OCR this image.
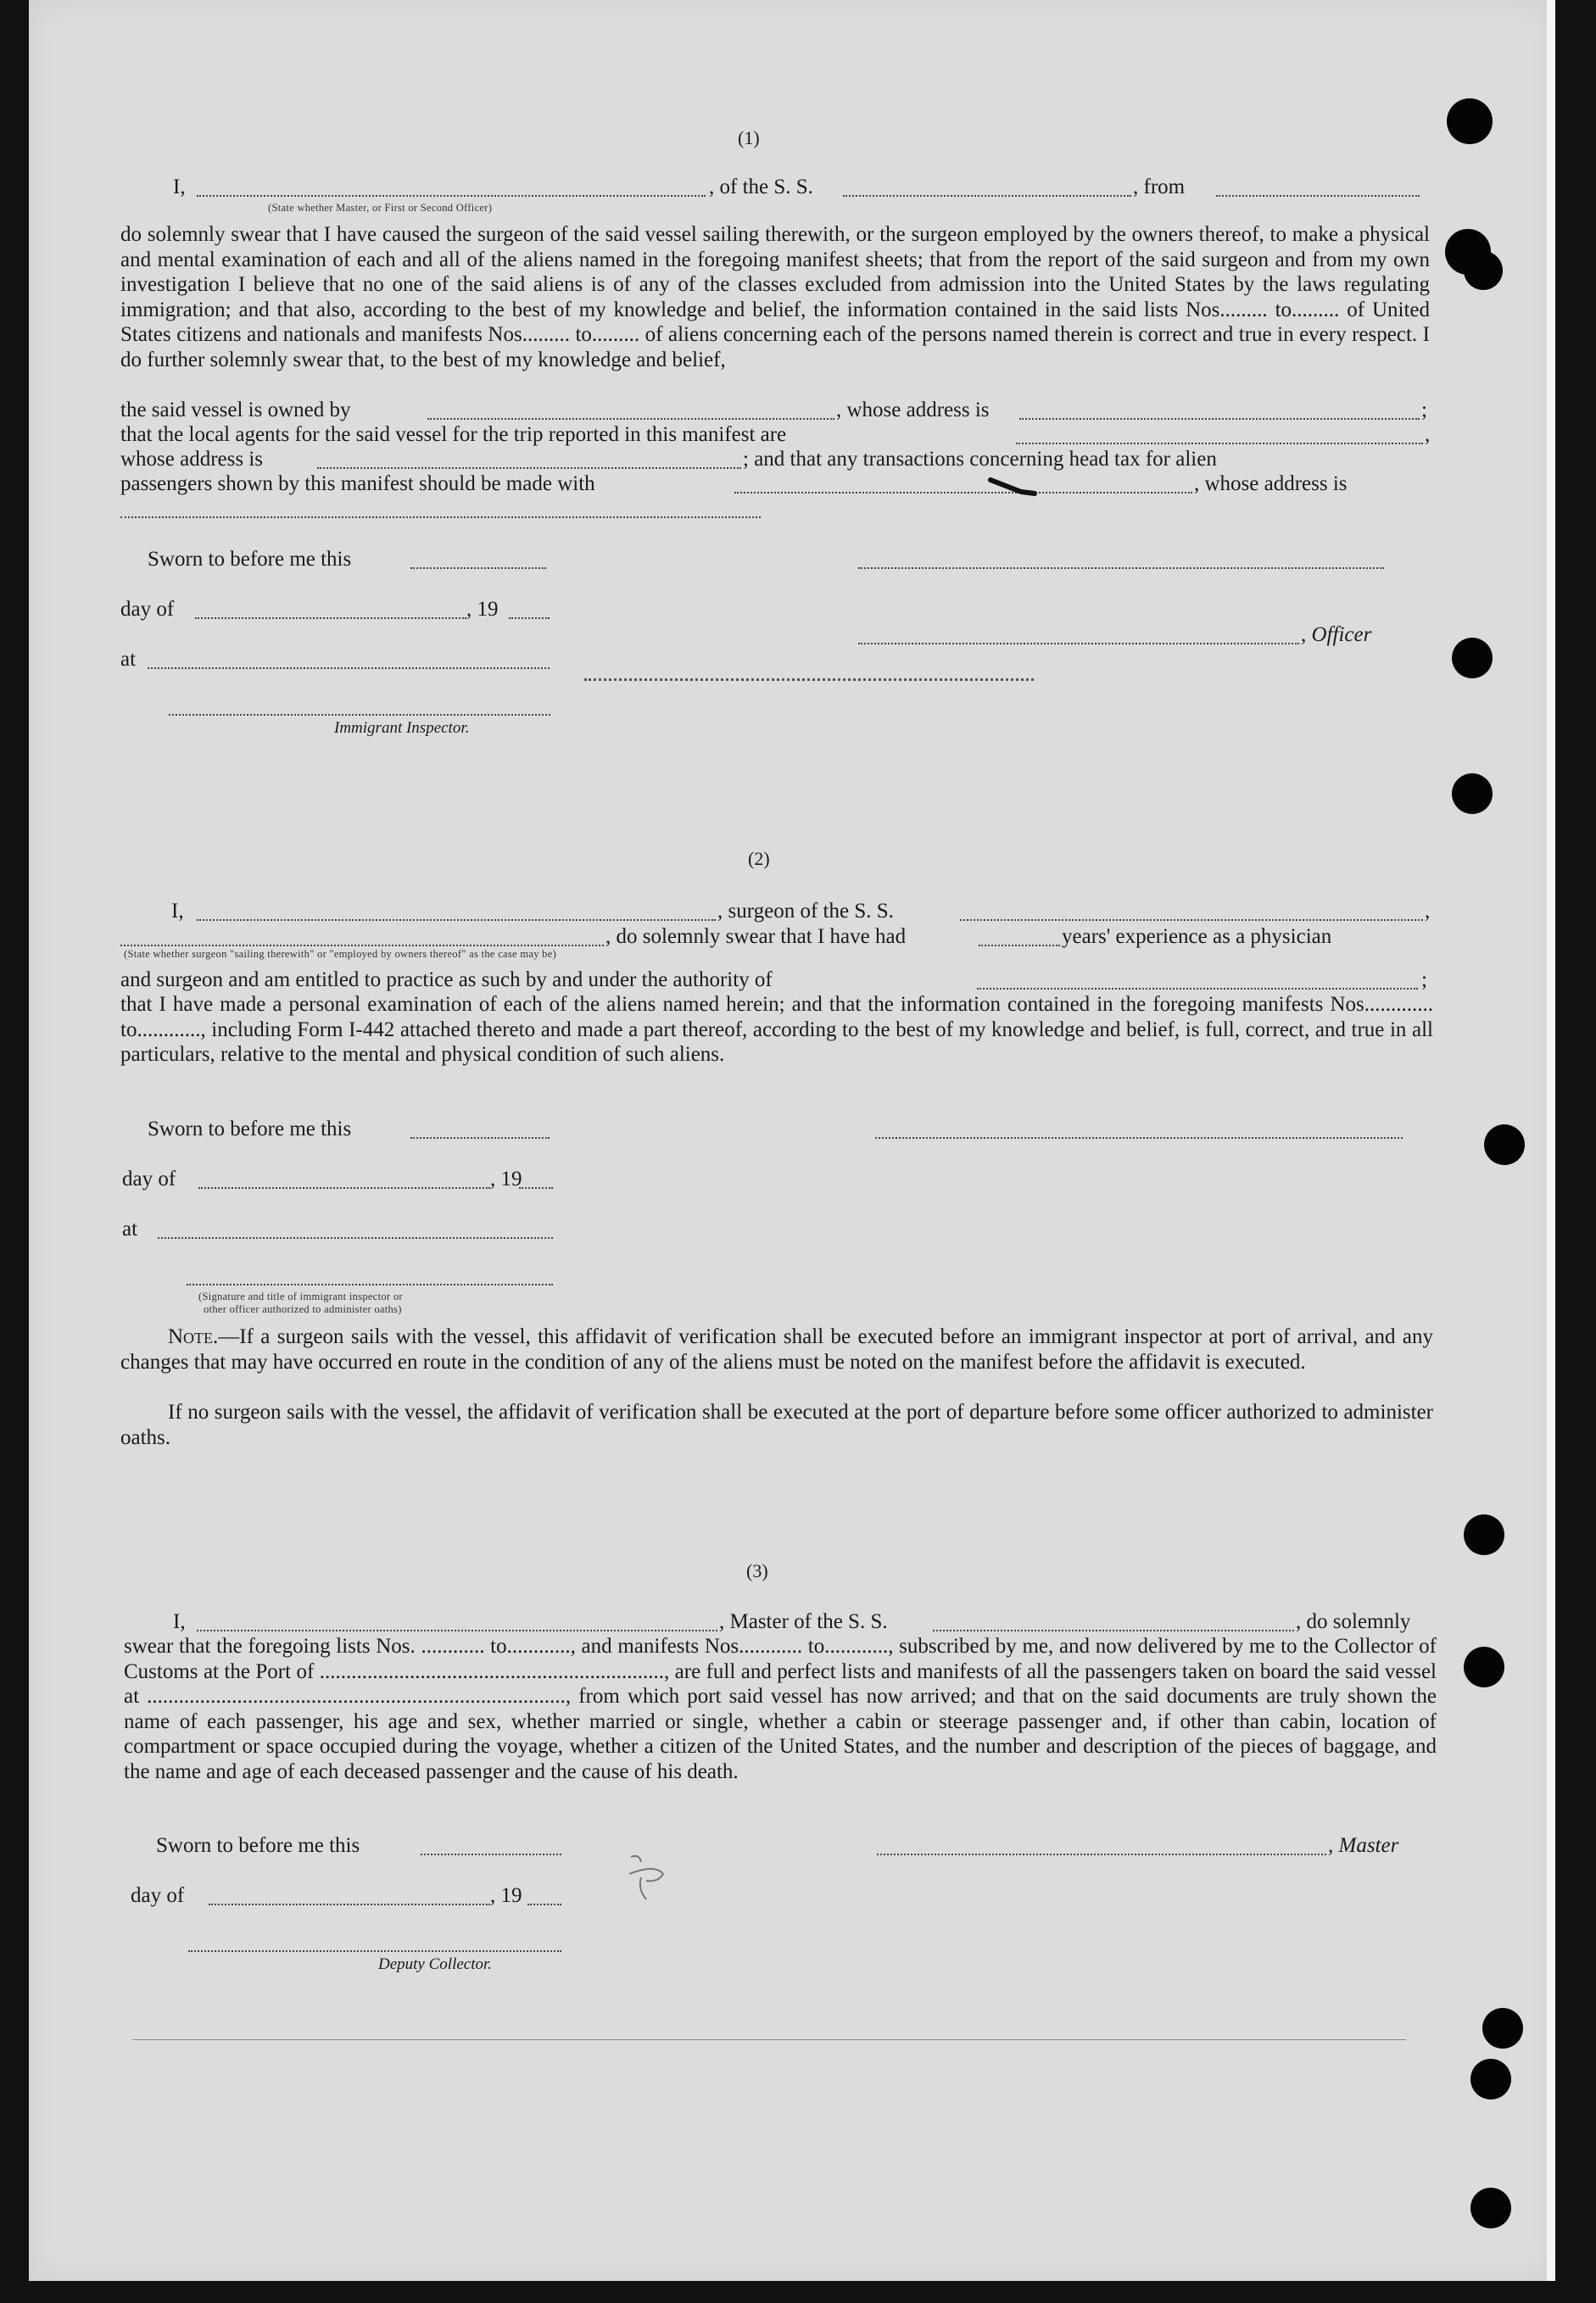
(1)
I,	, of the S. S.	, from
(State whether Master, or First or Second Officer)
do solemnly swear that I have caused the surgeon of the said vessel sailing therewith, or the surgeon employed by the owners thereof, to make a physical and mental examination of each and all of the aliens named in the foregoing manifest sheets; that from the report of the said surgeon and from my own investigation I believe that no one of the said aliens is of any of the classes excluded from admission into the United States by the laws regulating immigration; and that also, according to the best of my knowledge and belief, the information contained in the said lists Nos......... to......... of United States citizens and nationals and manifests Nos......... to......... of aliens concerning each of the persons named therein is correct and true in every respect. I do further solemnly swear that, to the best of my knowledge and belief,
the said vessel is owned by	, whose address is	;
that the local agents for the said vessel for the trip reported in this manifest are	,
whose address is	; and that any transactions concerning head tax for alien
passengers shown by this manifest should be made with	, whose address is
Sworn to before me this
day of	, 19
, Officer
at
Immigrant Inspector.
(2)
I,	, surgeon of the S. S.	,
, do solemnly swear that I have had	years' experience as a physician
(State whether surgeon "sailing therewith" or "employed by owners thereof" as the case may be)
and surgeon and am entitled to practice as such by and under the authority of	;
that I have made a personal examination of each of the aliens named herein; and that the information contained in the foregoing manifests Nos............. to............, including Form I-442 attached thereto and made a part thereof, according to the best of my knowledge and belief, is full, correct, and true in all particulars, relative to the mental and physical condition of such aliens.
Sworn to before me this
day of	, 19
at
(Signature and title of immigrant inspector or
other officer authorized to administer oaths)
Note.—If a surgeon sails with the vessel, this affidavit of verification shall be executed before an immigrant inspector at port of arrival, and any changes that may have occurred en route in the condition of any of the aliens must be noted on the manifest before the affidavit is executed.
If no surgeon sails with the vessel, the affidavit of verification shall be executed at the port of departure before some officer authorized to administer oaths.
(3)
I,	, Master of the S. S.	, do solemnly
swear that the foregoing lists Nos. ............ to............, and manifests Nos............ to............, subscribed by me, and now delivered by me to the Collector of Customs at the Port of ................................................................., are full and perfect lists and manifests of all the passengers taken on board the said vessel at ..............................................................................., from which port said vessel has now arrived; and that on the said documents are truly shown the name of each passenger, his age and sex, whether married or single, whether a cabin or steerage passenger and, if other than cabin, location of compartment or space occupied during the voyage, whether a citizen of the United States, and the number and description of the pieces of baggage, and the name and age of each deceased passenger and the cause of his death.
Sworn to before me this	, Master
day of	, 19
Deputy Collector.
